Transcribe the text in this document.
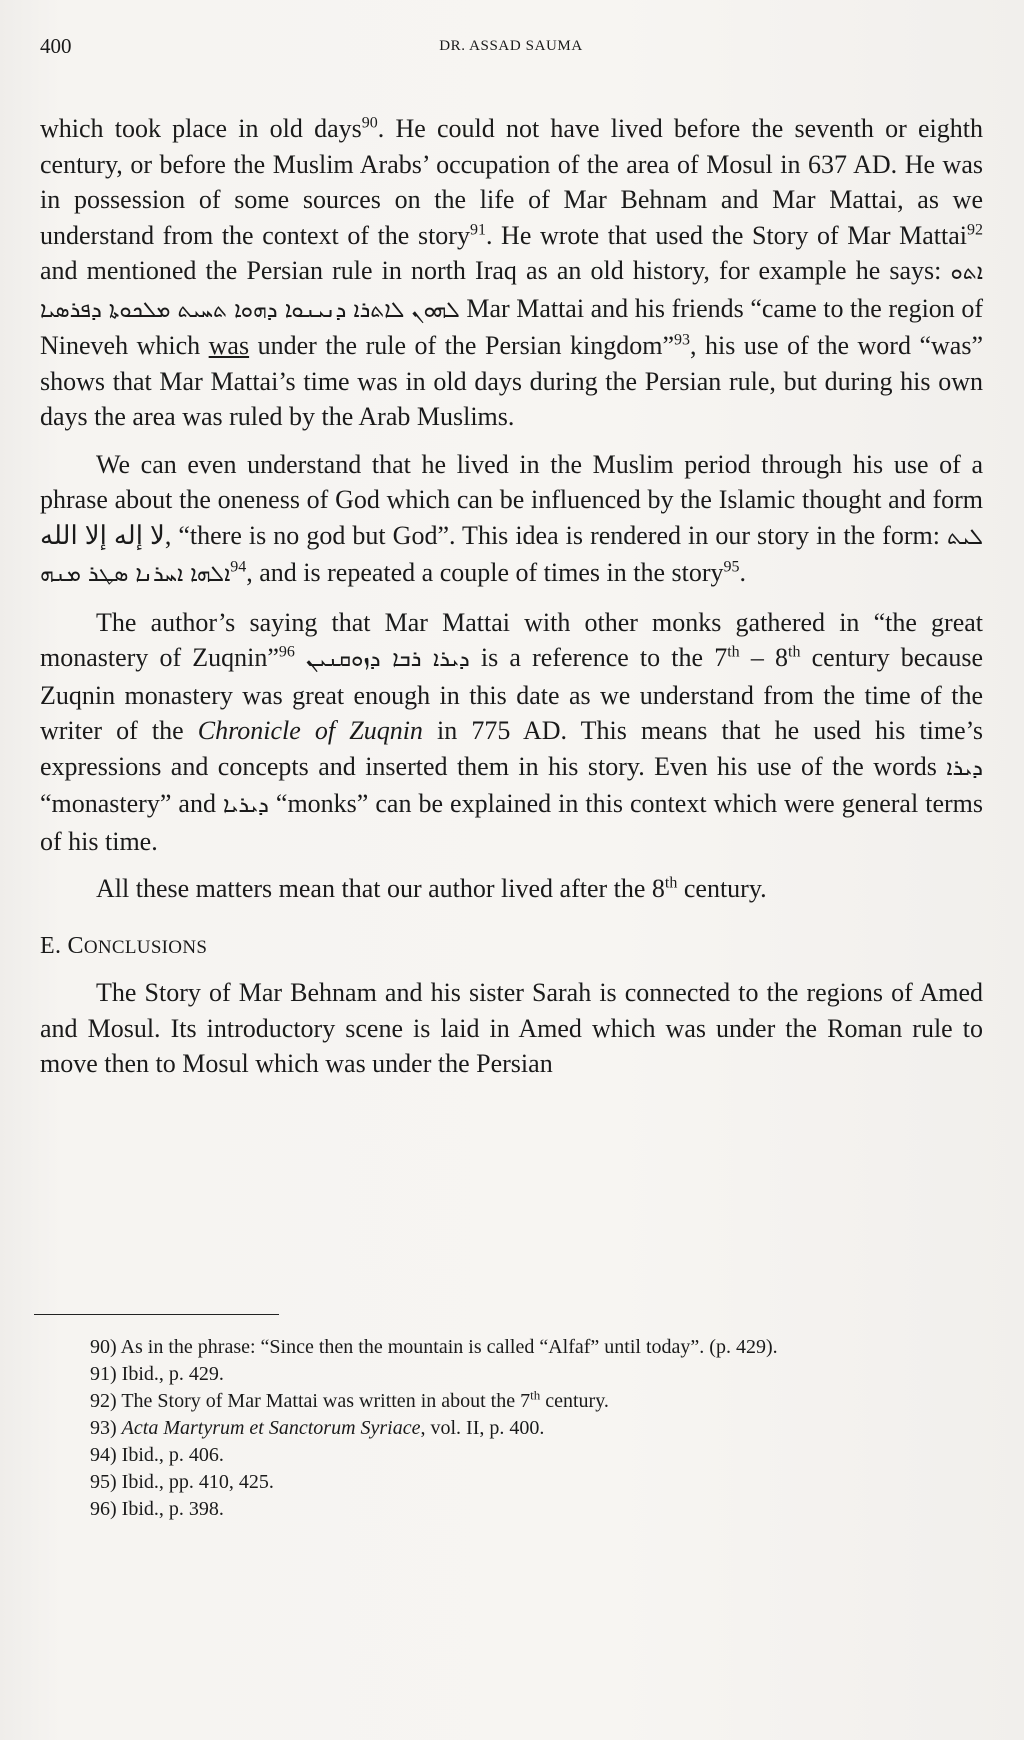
400	DR. ASSAD SAUMA

which took place in old days$^{90}$. He could not have lived before the seventh or eighth century, or before the Muslim Arabs’ occupation of the area of Mosul in 637 AD. He was in possession of some sources on the life of Mar Behnam and Mar Mattai, as we understand from the context of the story$^{91}$. He wrote that used the Story of Mar Mattai$^{92}$ and mentioned the Persian rule in north Iraq as an old history, for example he says: ܐܬܘ ܠܗܘܢ ܠܐܬܪܐ ܕܢܝܢܘܐ ܕܗܘܐ ܬܚܝܬ ܡܠܟܘܬܐ ܕܦܪܣܝܐ Mar Mattai and his friends “came to the region of Nineveh which was under the rule of the Persian kingdom”$^{93}$, his use of the word “was” shows that Mar Mattai’s time was in old days during the Persian rule, but during his own days the area was ruled by the Arab Muslims.

We can even understand that he lived in the Muslim period through his use of a phrase about the oneness of God which can be influenced by the Islamic thought and form لا إله إلا الله, “there is no god but God”. This idea is rendered in our story in the form: ܠܝܬ ܐܠܗܐ ܐܚܪܢܐ ܣܛܪ ܡܢܗ$^{94}$, and is repeated a couple of times in the story$^{95}$.

The author’s saying that Mar Mattai with other monks gathered in “the great monastery of Zuqnin”$^{96}$ ܕܝܪܐ ܪܒܐ ܕܙܘܩܢܝܢ is a reference to the 7th – 8th century because Zuqnin monastery was great enough in this date as we understand from the time of the writer of the Chronicle of Zuqnin in 775 AD. This means that he used his time’s expressions and concepts and inserted them in his story. Even his use of the words ܕܝܪܐ “monastery” and ܕܝܪܝܐ “monks” can be explained in this context which were general terms of his time.

All these matters mean that our author lived after the 8th century.

E. CONCLUSIONS

The Story of Mar Behnam and his sister Sarah is connected to the regions of Amed and Mosul. Its introductory scene is laid in Amed which was under the Roman rule to move then to Mosul which was under the Persian

90) As in the phrase: “Since then the mountain is called “Alfaf” until today”. (p. 429).
91) Ibid., p. 429.
92) The Story of Mar Mattai was written in about the 7th century.
93) Acta Martyrum et Sanctorum Syriace, vol. II, p. 400.
94) Ibid., p. 406.
95) Ibid., pp. 410, 425.
96) Ibid., p. 398.
